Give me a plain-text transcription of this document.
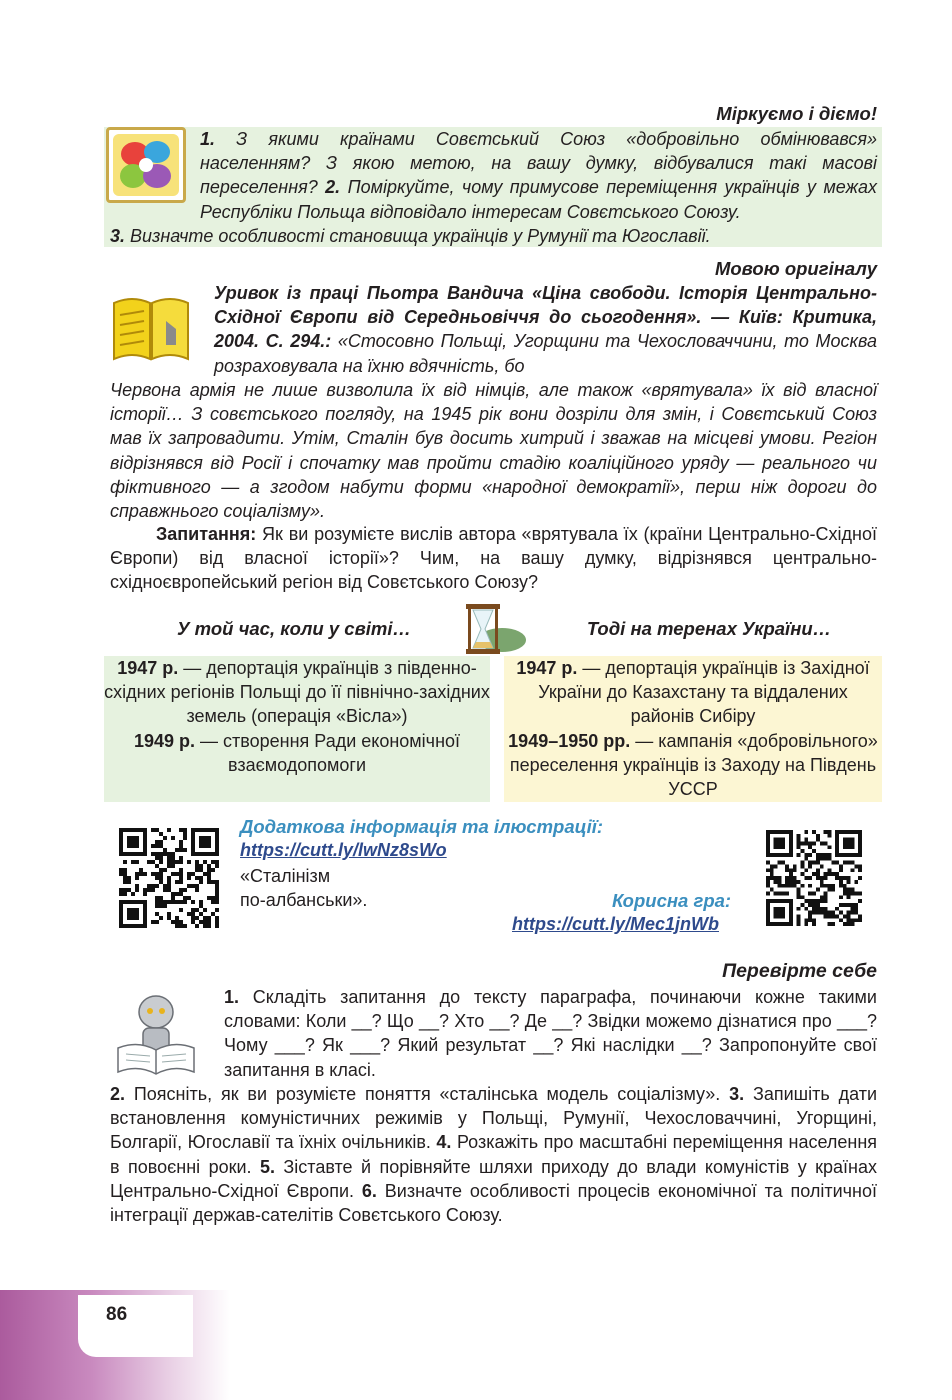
Міркуємо і діємо!
1. З якими країнами Совєтський Союз «добровільно обмінювався» населенням? З якою метою, на вашу думку, відбувалися такі масові переселення? 2. Поміркуйте, чому примусове переміщення українців у межах Республіки Польща відповідало інтересам Совєтського Союзу.
3. Визначте особливості становища українців у Румунії та Югославії.
Мовою оригіналу
Уривок із праці Пьотра Вандича «Ціна свободи. Історія Центрально-Східної Європи від Середньовіччя до сьогодення». — Київ: Критика, 2004. С. 294.: «Стосовно Польщі, Угорщини та Чехословаччини, то Москва розраховувала на їхню вдячність, бо
Червона армія не лише визволила їх від німців, але також «врятувала» їх від власної історії… З совєтського погляду, на 1945 рік вони дозріли для змін, і Совєтський Союз мав їх запровадити. Утім, Сталін був досить хитрий і зважав на місцеві умови. Регіон відрізнявся від Росії і спочатку мав пройти стадію коаліційного уряду — реального чи фіктивного — а згодом набути форми «народної демократії», перш ніж дороги до справжнього соціалізму».
Запитання: Як ви розумієте вислів автора «врятувала їх (країни Центрально-Східної Європи) від власної історії»? Чим, на вашу думку, відрізнявся центрально-східноєвропейський регіон від Совєтського Союзу?
У той час, коли у світі…	Тоді на теренах України…

1947 р. — депортація українців з південно-східних регіонів Польщі до її північно-західних земель (операція «Вісла»)

1949 р. — створення Ради економічної взаємодопомоги

1947 р. — депортація українців із Західної України до Казахстану та віддалених районів Сибіру

1949–1950 рр. — кампанія «добровільного» переселення українців із Заходу на Південь УССР

Додаткова інформація та ілюстрації:
https://cutt.ly/lwNz8sWo
«Сталінізм
по-албанськи».	Корисна гра:
https://cutt.ly/Mec1jnWb
Перевірте себе
1. Складіть запитання до тексту параграфа, починаючи кожне такими словами: Коли __? Що __? Хто __? Де __? Звідки можемо дізнатися про ___? Чому ___? Як ___? Який результат __? Які наслідки __? Запропонуйте свої запитання в класі.
2. Поясніть, як ви розумієте поняття «сталінська модель соціалізму». 3. Запишіть дати встановлення комуністичних режимів у Польщі, Румунії, Чехословаччині, Угорщині, Болгарії, Югославії та їхніх очільників. 4. Розкажіть про масштабні переміщення населення в повоєнні роки. 5. Зіставте й порівняйте шляхи приходу до влади комуністів у країнах Центрально-Східної Європи. 6. Визначте особливості процесів економічної та політичної інтеграції держав-сателітів Совєтського Союзу.
86
